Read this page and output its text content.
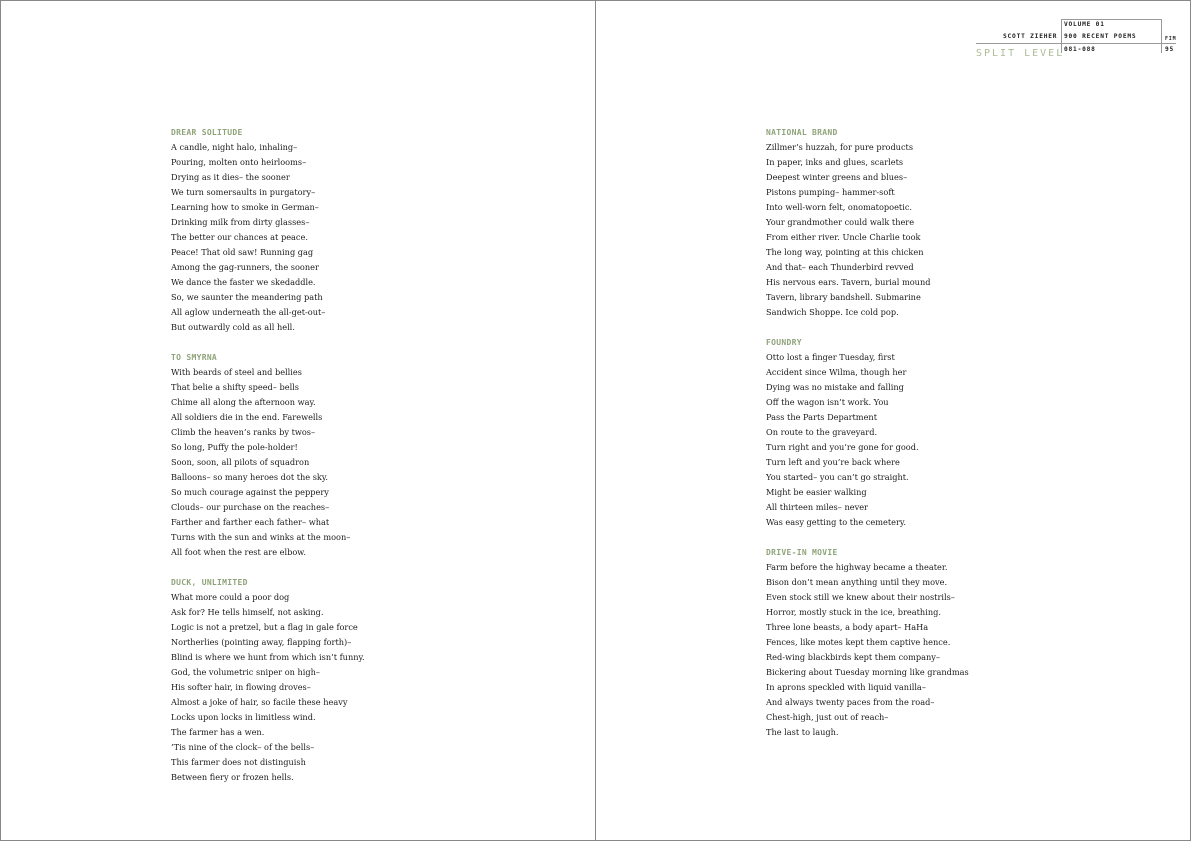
DREAR SOLITUDE
A candle, night halo, inhaling–
Pouring, molten onto heirlooms–
Drying as it dies– the sooner
We turn somersaults in purgatory–
Learning how to smoke in German–
Drinking milk from dirty glasses–
The better our chances at peace.
Peace! That old saw! Running gag
Among the gag-runners, the sooner
We dance the faster we skedaddle.
So, we saunter the meandering path
All aglow underneath the all-get-out–
But outwardly cold as all hell.
TO SMYRNA
With beards of steel and bellies
That belie a shifty speed– bells
Chime all along the afternoon way.
All soldiers die in the end. Farewells
Climb the heaven’s ranks by twos–
So long, Puffy the pole-holder!
Soon, soon, all pilots of squadron
Balloons– so many heroes dot the sky.
So much courage against the peppery
Clouds– our purchase on the reaches–
Farther and farther each father– what
Turns with the sun and winks at the moon–
All foot when the rest are elbow.
DUCK, UNLIMITED
What more could a poor dog
Ask for? He tells himself, not asking.
Logic is not a pretzel, but a flag in gale force
Northerlies (pointing away, flapping forth)–
Blind is where we hunt from which isn’t funny.
God, the volumetric sniper on high–
His softer hair, in flowing droves–
Almost a joke of hair, so facile these heavy
Locks upon locks in limitless wind.
The farmer has a wen.
’Tis nine of the clock– of the bells–
This farmer does not distinguish
Between fiery or frozen hells.
VOLUME 01
SCOTT ZIEHER 900 RECENT POEMS
081-088
FIM
95
SPLIT LEVEL
NATIONAL BRAND
Zillmer’s huzzah, for pure products
In paper, inks and glues, scarlets
Deepest winter greens and blues–
Pistons pumping– hammer-soft
Into well-worn felt, onomatopoetic.
Your grandmother could walk there
From either river. Uncle Charlie took
The long way, pointing at this chicken
And that– each Thunderbird revved
His nervous ears. Tavern, burial mound
Tavern, library bandshell. Submarine
Sandwich Shoppe. Ice cold pop.
FOUNDRY
Otto lost a finger Tuesday, first
Accident since Wilma, though her
Dying was no mistake and falling
Off the wagon isn’t work. You
Pass the Parts Department
On route to the graveyard.
Turn right and you’re gone for good.
Turn left and you’re back where
You started– you can’t go straight.
Might be easier walking
All thirteen miles– never
Was easy getting to the cemetery.
DRIVE-IN MOVIE
Farm before the highway became a theater.
Bison don’t mean anything until they move.
Even stock still we knew about their nostrils–
Horror, mostly stuck in the ice, breathing.
Three lone beasts, a body apart– HaHa
Fences, like motes kept them captive hence.
Red-wing blackbirds kept them company–
Bickering about Tuesday morning like grandmas
In aprons speckled with liquid vanilla–
And always twenty paces from the road–
Chest-high, just out of reach–
The last to laugh.
